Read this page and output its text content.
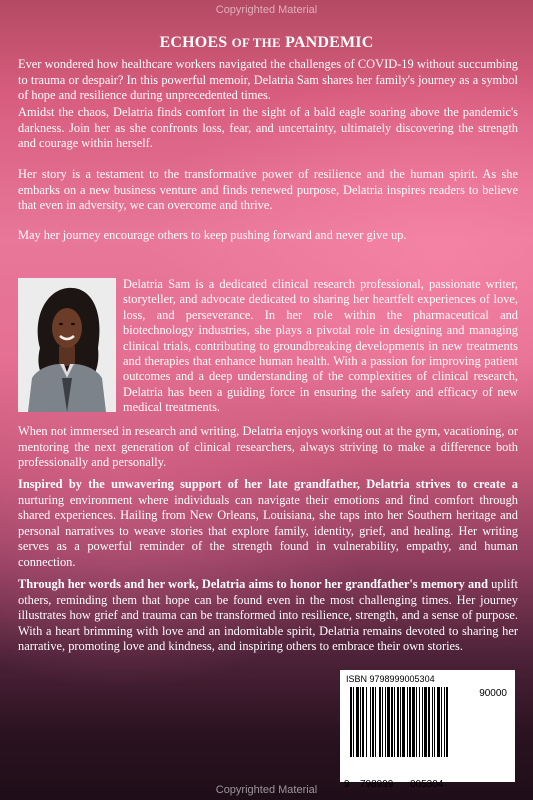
Copyrighted Material
ECHOES OF THE PANDEMIC

Ever wondered how healthcare workers navigated the challenges of COVID-19 without succumbing to trauma or despair? In this powerful memoir, Delatria Sam shares her family's journey as a symbol of hope and resilience during unprecedented times.

Amidst the chaos, Delatria finds comfort in the sight of a bald eagle soaring above the pandemic's darkness. Join her as she confronts loss, fear, and uncertainty, ultimately discovering the strength and courage within herself.

Her story is a testament to the transformative power of resilience and the human spirit. As she embarks on a new business venture and finds renewed purpose, Delatria inspires readers to believe that even in adversity, we can overcome and thrive.

May her journey encourage others to keep pushing forward and never give up.

Delatria Sam is a dedicated clinical research professional, passionate writer, storyteller, and advocate dedicated to sharing her heartfelt experiences of love, loss, and perseverance. In her role within the pharmaceutical and biotechnology industries, she plays a pivotal role in designing and managing clinical trials, contributing to groundbreaking developments in new treatments and therapies that enhance human health. With a passion for improving patient outcomes and a deep understanding of the complexities of clinical research, Delatria has been a guiding force in ensuring the safety and efficacy of new medical treatments.

When not immersed in research and writing, Delatria enjoys working out at the gym, vacationing, or mentoring the next generation of clinical researchers, always striving to make a difference both professionally and personally.

Inspired by the unwavering support of her late grandfather, Delatria strives to create a nurturing environment where individuals can navigate their emotions and find comfort through shared experiences. Hailing from New Orleans, Louisiana, she taps into her Southern heritage and personal narratives to weave stories that explore family, identity, grief, and healing. Her writing serves as a powerful reminder of the strength found in vulnerability, empathy, and human connection.

Through her words and her work, Delatria aims to honor her grandfather's memory and uplift others, reminding them that hope can be found even in the most challenging times. Her journey illustrates how grief and trauma can be transformed into resilience, strength, and a sense of purpose. With a heart brimming with love and an indomitable spirit, Delatria remains devoted to sharing her narrative, promoting love and kindness, and inspiring others to embrace their own stories.

ISBN 9798999005304
90000
9 798999 005304
Copyrighted Material
